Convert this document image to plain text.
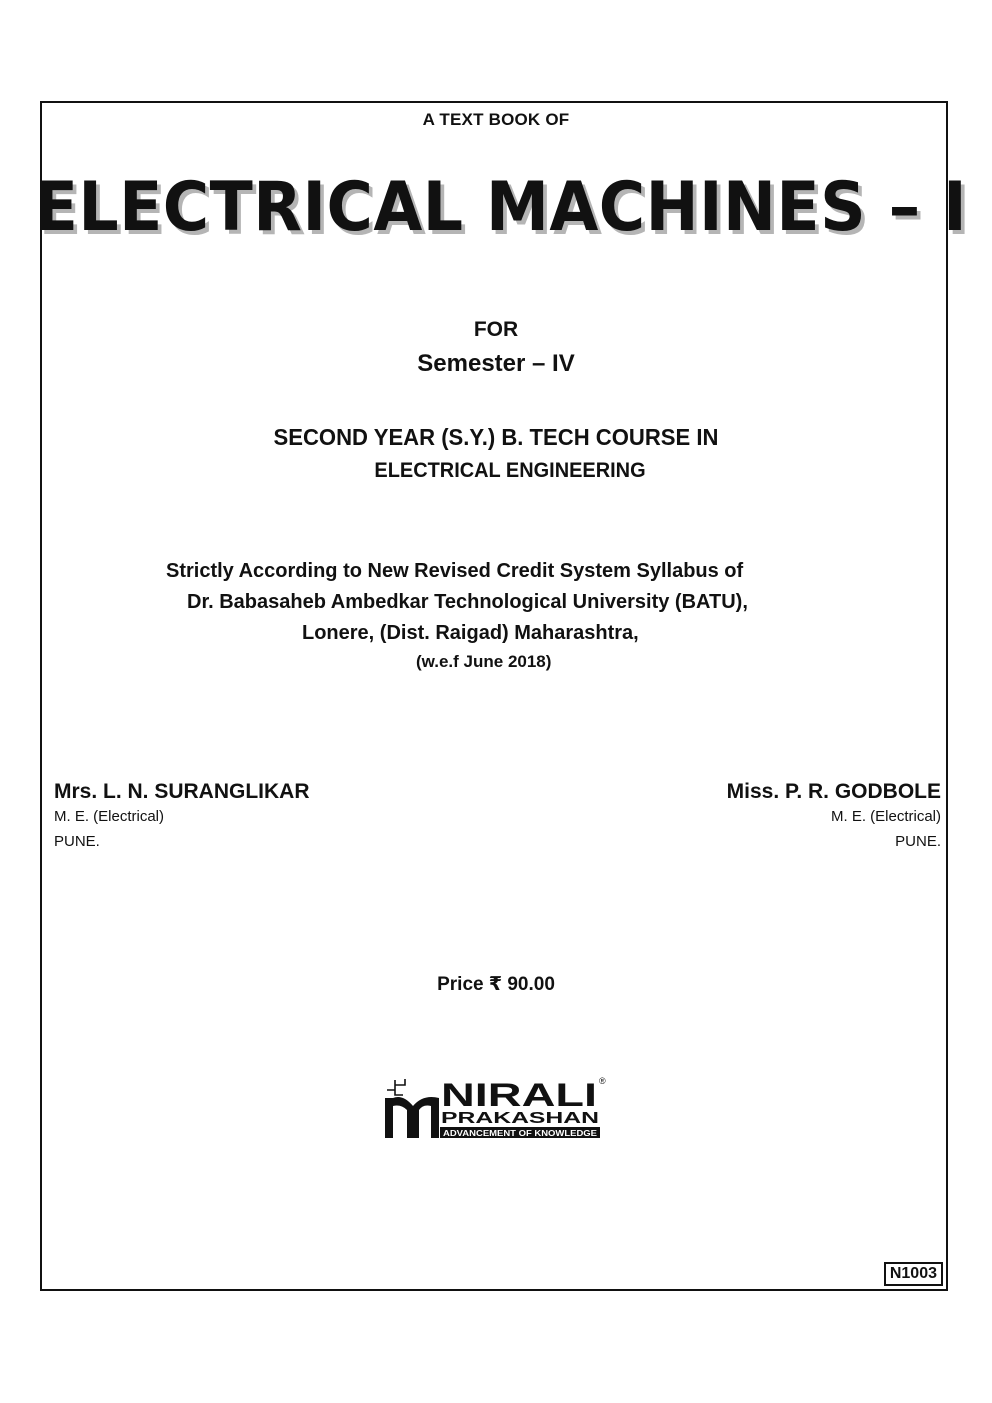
A TEXT BOOK OF
ELECTRICAL MACHINES – I
FOR
Semester – IV
SECOND YEAR (S.Y.) B. TECH COURSE IN
ELECTRICAL ENGINEERING
Strictly According to New Revised Credit System Syllabus of
Dr. Babasaheb Ambedkar Technological University (BATU),
Lonere, (Dist. Raigad) Maharashtra,
(w.e.f June 2018)
Mrs. L. N. SURANGLIKAR
M. E. (Electrical)
PUNE.
Miss. P. R. GODBOLE
M. E. (Electrical)
PUNE.
Price ₹ 90.00
NIRALI ®
PRAKASHAN
ADVANCEMENT OF KNOWLEDGE
N1003
